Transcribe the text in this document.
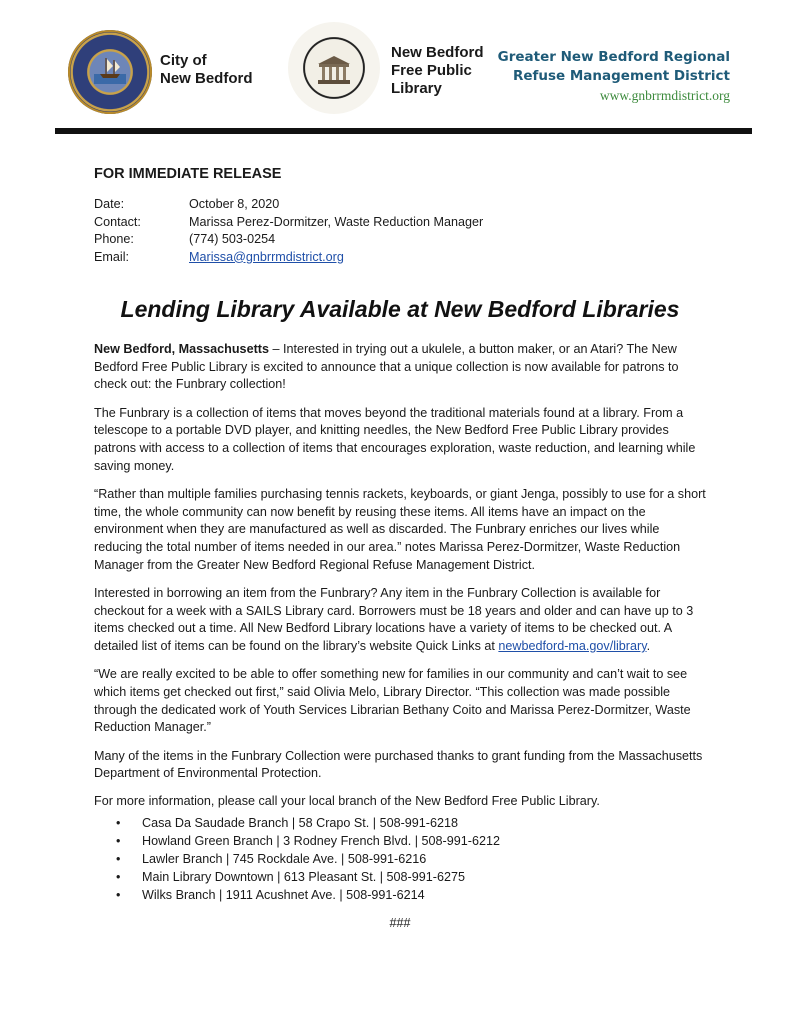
City of
New Bedford
New Bedford
Free Public
Library
Greater New Bedford Regional
Refuse Management District
www.gnbrrmdistrict.org
FOR IMMEDIATE RELEASE
Date:	October 8, 2020
Contact:	Marissa Perez-Dormitzer, Waste Reduction Manager
Phone:	(774) 503-0254
Email:	Marissa@gnbrrmdistrict.org
Lending Library Available at New Bedford Libraries

New Bedford, Massachusetts – Interested in trying out a ukulele, a button maker, or an Atari? The New Bedford Free Public Library is excited to announce that a unique collection is now available for patrons to check out: the Funbrary collection!

The Funbrary is a collection of items that moves beyond the traditional materials found at a library. From a telescope to a portable DVD player, and knitting needles, the New Bedford Free Public Library provides patrons with access to a collection of items that encourages exploration, waste reduction, and learning while saving money.

“Rather than multiple families purchasing tennis rackets, keyboards, or giant Jenga, possibly to use for a short time, the whole community can now benefit by reusing these items. All items have an impact on the environment when they are manufactured as well as discarded. The Funbrary enriches our lives while reducing the total number of items needed in our area.” notes Marissa Perez-Dormitzer, Waste Reduction Manager from the Greater New Bedford Regional Refuse Management District.

Interested in borrowing an item from the Funbrary? Any item in the Funbrary Collection is available for checkout for a week with a SAILS Library card. Borrowers must be 18 years and older and can have up to 3 items checked out a time. All New Bedford Library locations have a variety of items to be checked out. A detailed list of items can be found on the library’s website Quick Links at newbedford-ma.gov/library.

“We are really excited to be able to offer something new for families in our community and can’t wait to see which items get checked out first,” said Olivia Melo, Library Director. “This collection was made possible through the dedicated work of Youth Services Librarian Bethany Coito and Marissa Perez-Dormitzer, Waste Reduction Manager.”

Many of the items in the Funbrary Collection were purchased thanks to grant funding from the Massachusetts Department of Environmental Protection.

For more information, please call your local branch of the New Bedford Free Public Library.

• Casa Da Saudade Branch | 58 Crapo St. | 508-991-6218
• Howland Green Branch | 3 Rodney French Blvd. | 508-991-6212
• Lawler Branch | 745 Rockdale Ave. | 508-991-6216
• Main Library Downtown | 613 Pleasant St. | 508-991-6275
• Wilks Branch | 1911 Acushnet Ave. | 508-991-6214
###
